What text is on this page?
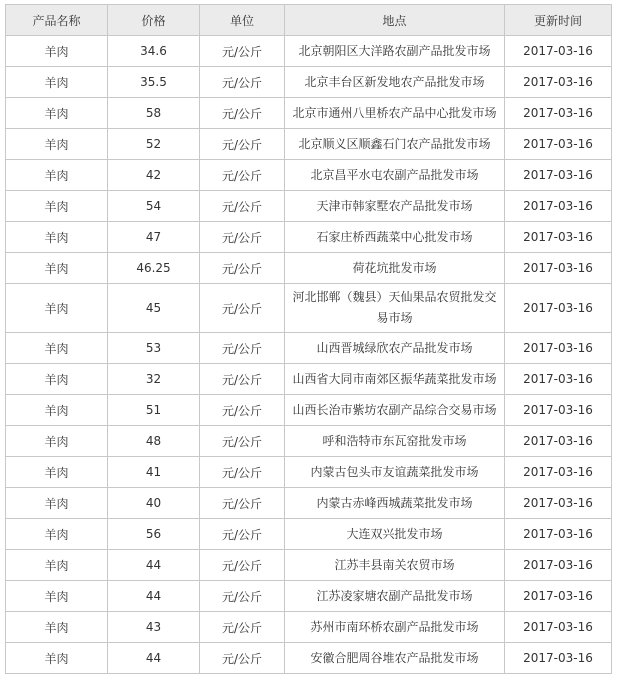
产品名称	价格	单位	地点	更新时间
羊肉	34.6	元/公斤	北京朝阳区大洋路农副产品批发市场	2017-03-16
羊肉	35.5	元/公斤	北京丰台区新发地农产品批发市场	2017-03-16
羊肉	58	元/公斤	北京市通州八里桥农产品中心批发市场	2017-03-16
羊肉	52	元/公斤	北京顺义区顺鑫石门农产品批发市场	2017-03-16
羊肉	42	元/公斤	北京昌平水屯农副产品批发市场	2017-03-16
羊肉	54	元/公斤	天津市韩家墅农产品批发市场	2017-03-16
羊肉	47	元/公斤	石家庄桥西蔬菜中心批发市场	2017-03-16
羊肉	46.25	元/公斤	荷花坑批发市场	2017-03-16
羊肉	45	元/公斤	河北邯郸（魏县）天仙果品农贸批发交易市场	2017-03-16
羊肉	53	元/公斤	山西晋城绿欣农产品批发市场	2017-03-16
羊肉	32	元/公斤	山西省大同市南郊区振华蔬菜批发市场	2017-03-16
羊肉	51	元/公斤	山西长治市紫坊农副产品综合交易市场	2017-03-16
羊肉	48	元/公斤	呼和浩特市东瓦窑批发市场	2017-03-16
羊肉	41	元/公斤	内蒙古包头市友谊蔬菜批发市场	2017-03-16
羊肉	40	元/公斤	内蒙古赤峰西城蔬菜批发市场	2017-03-16
羊肉	56	元/公斤	大连双兴批发市场	2017-03-16
羊肉	44	元/公斤	江苏丰县南关农贸市场	2017-03-16
羊肉	44	元/公斤	江苏凌家塘农副产品批发市场	2017-03-16
羊肉	43	元/公斤	苏州市南环桥农副产品批发市场	2017-03-16
羊肉	44	元/公斤	安徽合肥周谷堆农产品批发市场	2017-03-16
